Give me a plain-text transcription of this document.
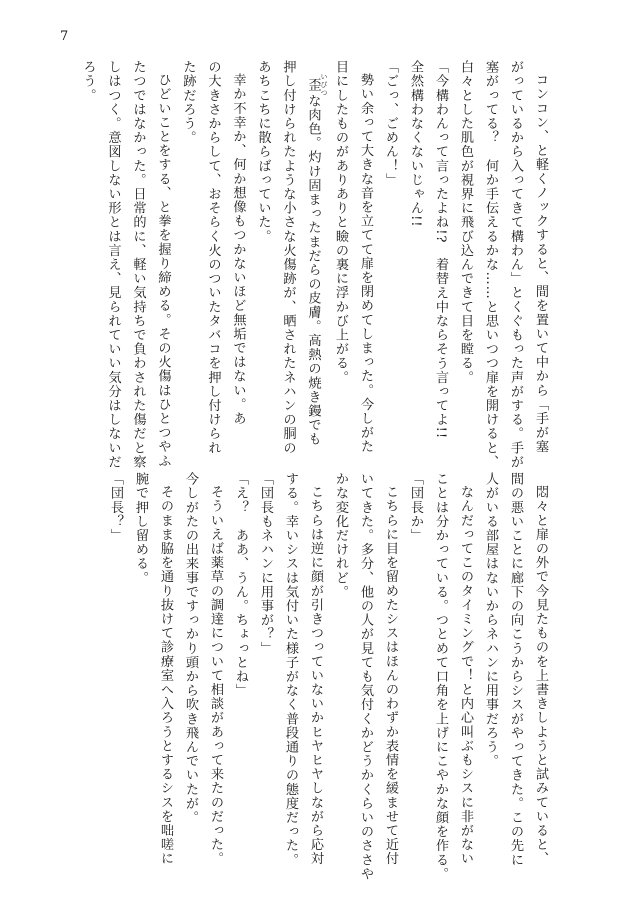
7
コンコン、と軽くノックすると、間を置いて中から「手が塞
がっているから入ってきて構わん」とくぐもった声がする。手が
塞がってる？　何か手伝えるかな……と思いつつ扉を開けると、
白々とした肌色が視界に飛び込んできて目を瞠る。
「今構わんって言ったよね!?　着替え中ならそう言ってよ!!
全然構わなくないじゃん!!
「ごっ、ごめん！」
勢い余って大きな音を立てて扉を閉めてしまった。今しがた
目にしたものがありありと瞼の裏に浮かび上がる。
歪 いびつな肉色。灼け固まったまだらの皮膚。高熱の焼き鏝でも
押し付けられたような小さな火傷跡が、晒されたネハンの胴の
あちこちに散らばっていた。
幸か不幸か、何か想像もつかないほど無垢ではない。あ
の大きさからして、おそらく火のついたタバコを押し付けられ
た跡だろう。
ひどいことをする、と拳を握り締める。その火傷はひとつやふ
たつではなかった。日常的に、軽い気持ちで負わされた傷だと察
しはつく。意図しない形とは言え、見られていい気分はしないだ
ろう。
悶々と扉の外で今見たものを上書きしようと試みていると、
間の悪いことに廊下の向こうからシスがやってきた。この先に
人がいる部屋はないからネハンに用事だろう。
なんだってこのタイミングで！と内心叫ぶもシスに非がない
ことは分かっている。つとめて口角を上げにこやかな顔を作る。
「団長か」
こちらに目を留めたシスはほんのわずか表情を緩ませて近付
いてきた。多分、他の人が見ても気付くかどうかくらいのささや
かな変化だけれど。
こちらは逆に顔が引きつっていないかヒヤヒヤしながら応対
する。幸いシスは気付いた様子がなく普段通りの態度だった。
「団長もネハンに用事が？」
「え？　ああ、うん。ちょっとね」
そういえば薬草の調達について相談があって来たのだった。
今しがたの出来事ですっかり頭から吹き飛んでいたが。
そのまま脇を通り抜けて診療室へ入ろうとするシスを咄嗟に
腕で押し留める。
「団長？」
